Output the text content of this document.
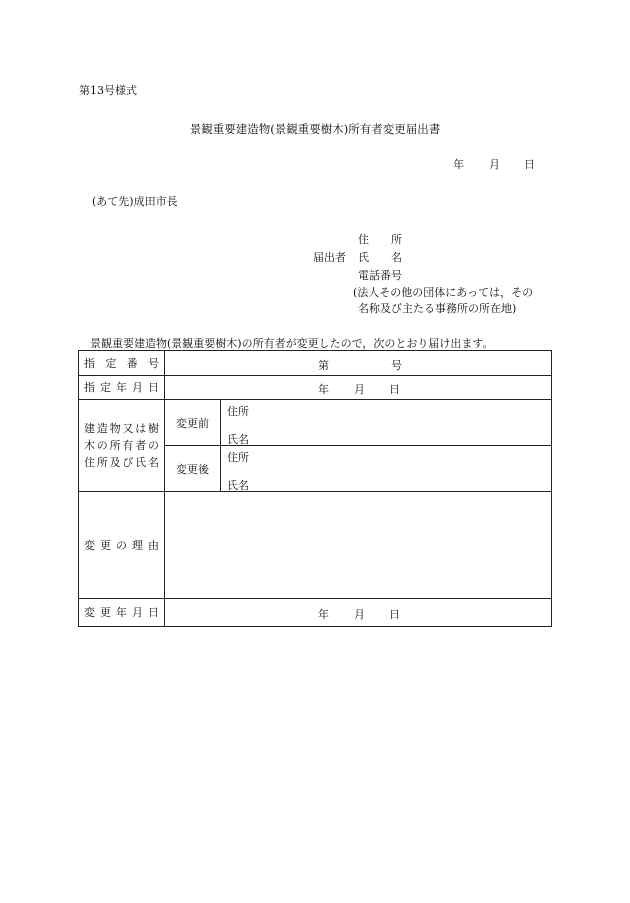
第13号様式
景観重要建造物(景観重要樹木)所有者変更届出書
年 月 日
(あて先)成田市長
住　　所
届出者 氏　　名
電話番号
(法人その他の団体にあっては，その
名称及び主たる事務所の所在地)
景観重要建造物(景観重要樹木)の所有者が変更したので，次のとおり届け出ます。
指定番号	第 号	

指定年月日	年 月 日	

建造物又は樹木の所有者の住所及び氏名	変更前	住所
氏名

	変更後	住所
氏名

変更の理由		
変更年月日	年 月 日	
